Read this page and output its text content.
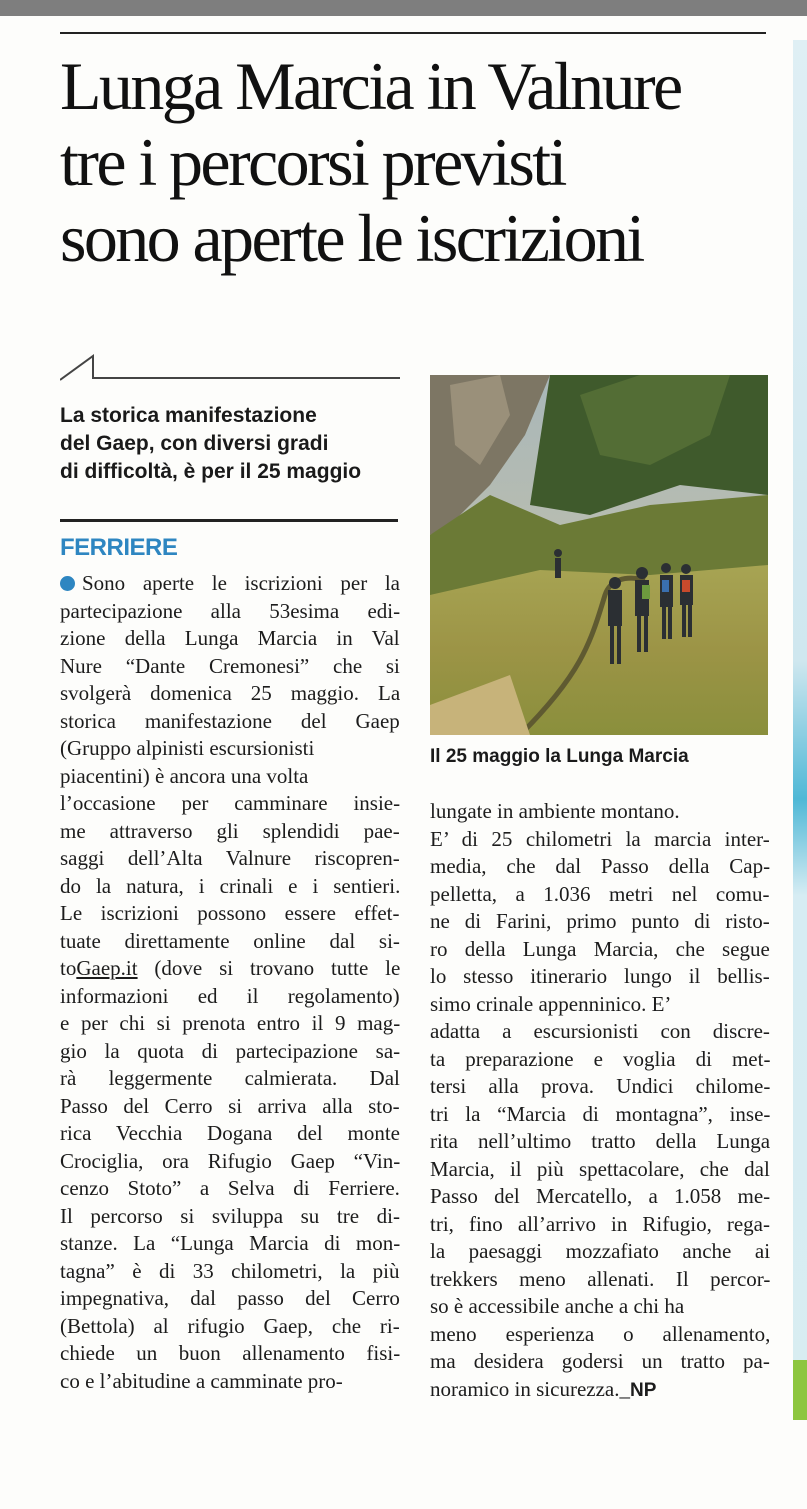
Lunga Marcia in Valnure
tre i percorsi previsti
sono aperte le iscrizioni
La storica manifestazione
del Gaep, con diversi gradi
di difficoltà, è per il 25 maggio
FERRIERE
Sono aperte le iscrizioni per la
partecipazione alla 53esima edi-
zione della Lunga Marcia in Val
Nure “Dante Cremonesi” che si
svolgerà domenica 25 maggio. La
storica manifestazione del Gaep
(Gruppo alpinisti escursionisti
piacentini) è ancora una volta
l’occasione per camminare insie-
me attraverso gli splendidi pae-
saggi dell’Alta Valnure riscopren-
do la natura, i crinali e i sentieri.
Le iscrizioni possono essere effet-
tuate direttamente online dal si-
toGaep.it (dove si trovano tutte le
informazioni ed il regolamento)
e per chi si prenota entro il 9 mag-
gio la quota di partecipazione sa-
rà leggermente calmierata. Dal
Passo del Cerro si arriva alla sto-
rica Vecchia Dogana del monte
Crociglia, ora Rifugio Gaep “Vin-
cenzo Stoto” a Selva di Ferriere.
Il percorso si sviluppa su tre di-
stanze. La “Lunga Marcia di mon-
tagna” è di 33 chilometri, la più
impegnativa, dal passo del Cerro
(Bettola) al rifugio Gaep, che ri-
chiede un buon allenamento fisi-
co e l’abitudine a camminate pro-
Il 25 maggio la Lunga Marcia
lungate in ambiente montano.
E’ di 25 chilometri la marcia inter-
media, che dal Passo della Cap-
pelletta, a 1.036 metri nel comu-
ne di Farini, primo punto di risto-
ro della Lunga Marcia, che segue
lo stesso itinerario lungo il bellis-
simo crinale appenninico. E’
adatta a escursionisti con discre-
ta preparazione e voglia di met-
tersi alla prova. Undici chilome-
tri la “Marcia di montagna”, inse-
rita nell’ultimo tratto della Lunga
Marcia, il più spettacolare, che dal
Passo del Mercatello, a 1.058 me-
tri, fino all’arrivo in Rifugio, rega-
la paesaggi mozzafiato anche ai
trekkers meno allenati. Il percor-
so è accessibile anche a chi ha
meno esperienza o allenamento,
ma desidera godersi un tratto pa-
noramico in sicurezza._NP
